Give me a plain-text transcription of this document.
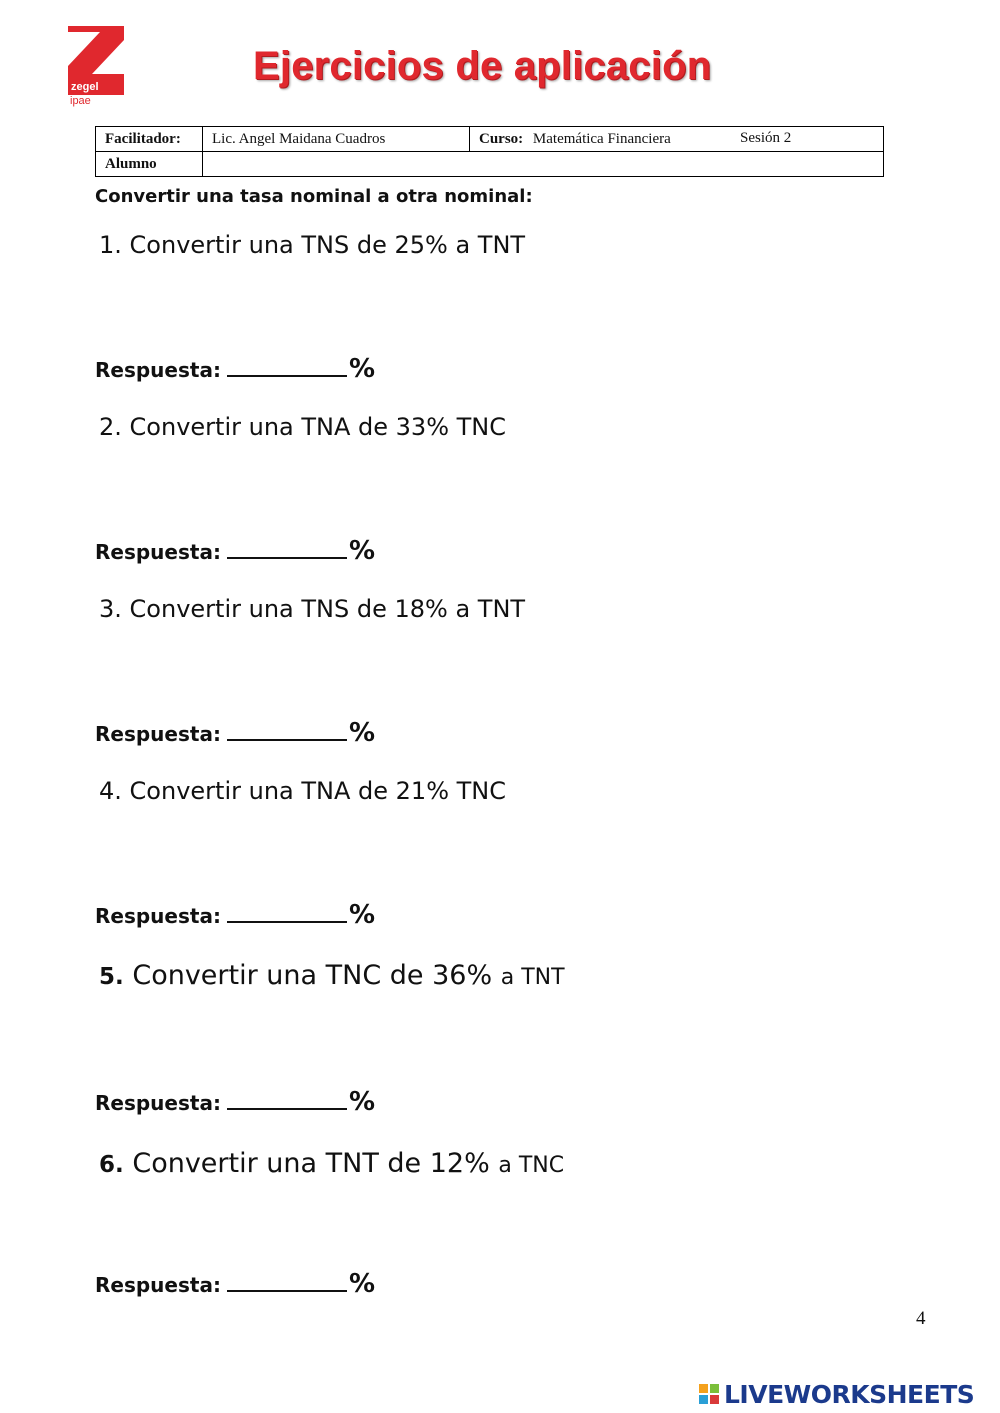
zegel
ipae
Ejercicios de aplicación
Facilitador:	Lic. Angel Maidana Cuadros	Curso: Matemática Financiera Sesión 2

Alumno		

Convertir una tasa nominal a otra nominal:

1. Convertir una TNS de 25% a TNT

Respuesta:	%

2. Convertir una TNA de 33% TNC

Respuesta:	%

3. Convertir una TNS de 18% a TNT

Respuesta:	%

4. Convertir una TNA de 21% TNC

Respuesta:	%

5. Convertir una TNC de 36% a TNT

Respuesta:	%

6. Convertir una TNT de 12% a TNC

Respuesta:	%

4
LIVEWORKSHEETS
